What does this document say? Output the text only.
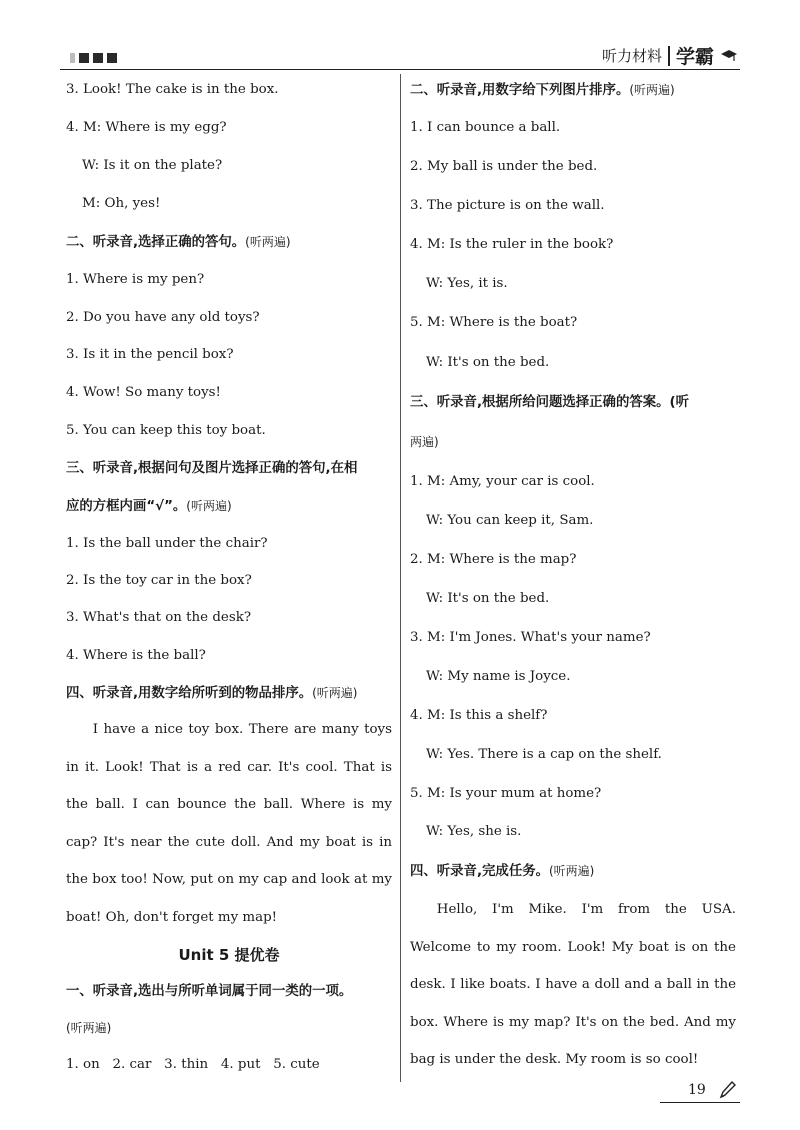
听力材料 学霸
3. Look! The cake is in the box.
4. M: Where is my egg?
W: Is it on the plate?
M: Oh, yes!
二、听录音,选择正确的答句。(听两遍)
1. Where is my pen?
2. Do you have any old toys?
3. Is it in the pencil box?
4. Wow! So many toys!
5. You can keep this toy boat.
三、听录音,根据问句及图片选择正确的答句,在相
应的方框内画“√”。(听两遍)
1. Is the ball under the chair?
2. Is the toy car in the box?
3. What's that on the desk?
4. Where is the ball?
四、听录音,用数字给所听到的物品排序。(听两遍)
I have a nice toy box. There are many toys in it. Look! That is a red car. It's cool. That is the ball. I can bounce the ball. Where is my cap? It's near the cute doll. And my boat is in the box too! Now, put on my cap and look at my boat! Oh, don't forget my map!
Unit 5 提优卷
一、听录音,选出与所听单词属于同一类的一项。
(听两遍)
1. on   2. car   3. thin   4. put   5. cute
二、听录音,用数字给下列图片排序。(听两遍)
1. I can bounce a ball.
2. My ball is under the bed.
3. The picture is on the wall.
4. M: Is the ruler in the book?
W: Yes, it is.
5. M: Where is the boat?
W: It's on the bed.
三、听录音,根据所给问题选择正确的答案。(听
两遍)
1. M: Amy, your car is cool.
W: You can keep it, Sam.
2. M: Where is the map?
W: It's on the bed.
3. M: I'm Jones. What's your name?
W: My name is Joyce.
4. M: Is this a shelf?
W: Yes. There is a cap on the shelf.
5. M: Is your mum at home?
W: Yes, she is.
四、听录音,完成任务。(听两遍)
Hello, I'm Mike. I'm from the USA. Welcome to my room. Look! My boat is on the desk. I like boats. I have a doll and a ball in the box. Where is my map? It's on the bed. And my bag is under the desk. My room is so cool!
19
